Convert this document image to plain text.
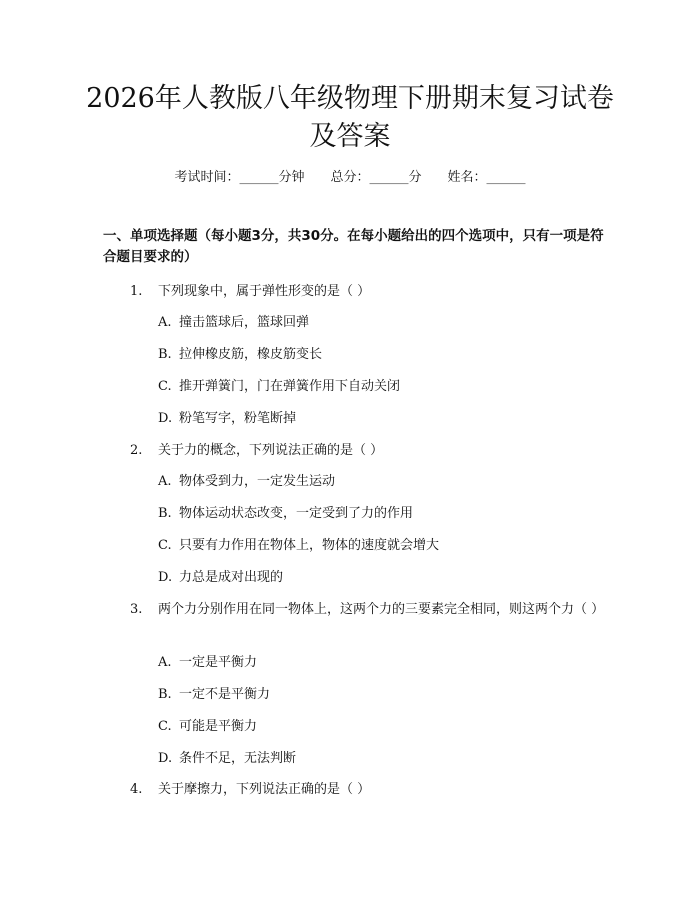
2026年人教版八年级物理下册期末复习试卷
及答案
考试时间：______分钟 总分：______分 姓名：______
一、单项选择题（每小题3分，共30分。在每小题给出的四个选项中，只有一项是符合题目要求的）
1.	下列现象中，属于弹性形变的是（ ）
A. 撞击篮球后，篮球回弹
B. 拉伸橡皮筋，橡皮筋变长
C. 推开弹簧门，门在弹簧作用下自动关闭
D. 粉笔写字，粉笔断掉
2.	关于力的概念，下列说法正确的是（ ）
A. 物体受到力，一定发生运动
B. 物体运动状态改变，一定受到了力的作用
C. 只要有力作用在物体上，物体的速度就会增大
D. 力总是成对出现的
3.	两个力分别作用在同一物体上，这两个力的三要素完全相同，则这两个力（ ）
A. 一定是平衡力
B. 一定不是平衡力
C. 可能是平衡力
D. 条件不足，无法判断
4.	关于摩擦力，下列说法正确的是（ ）
